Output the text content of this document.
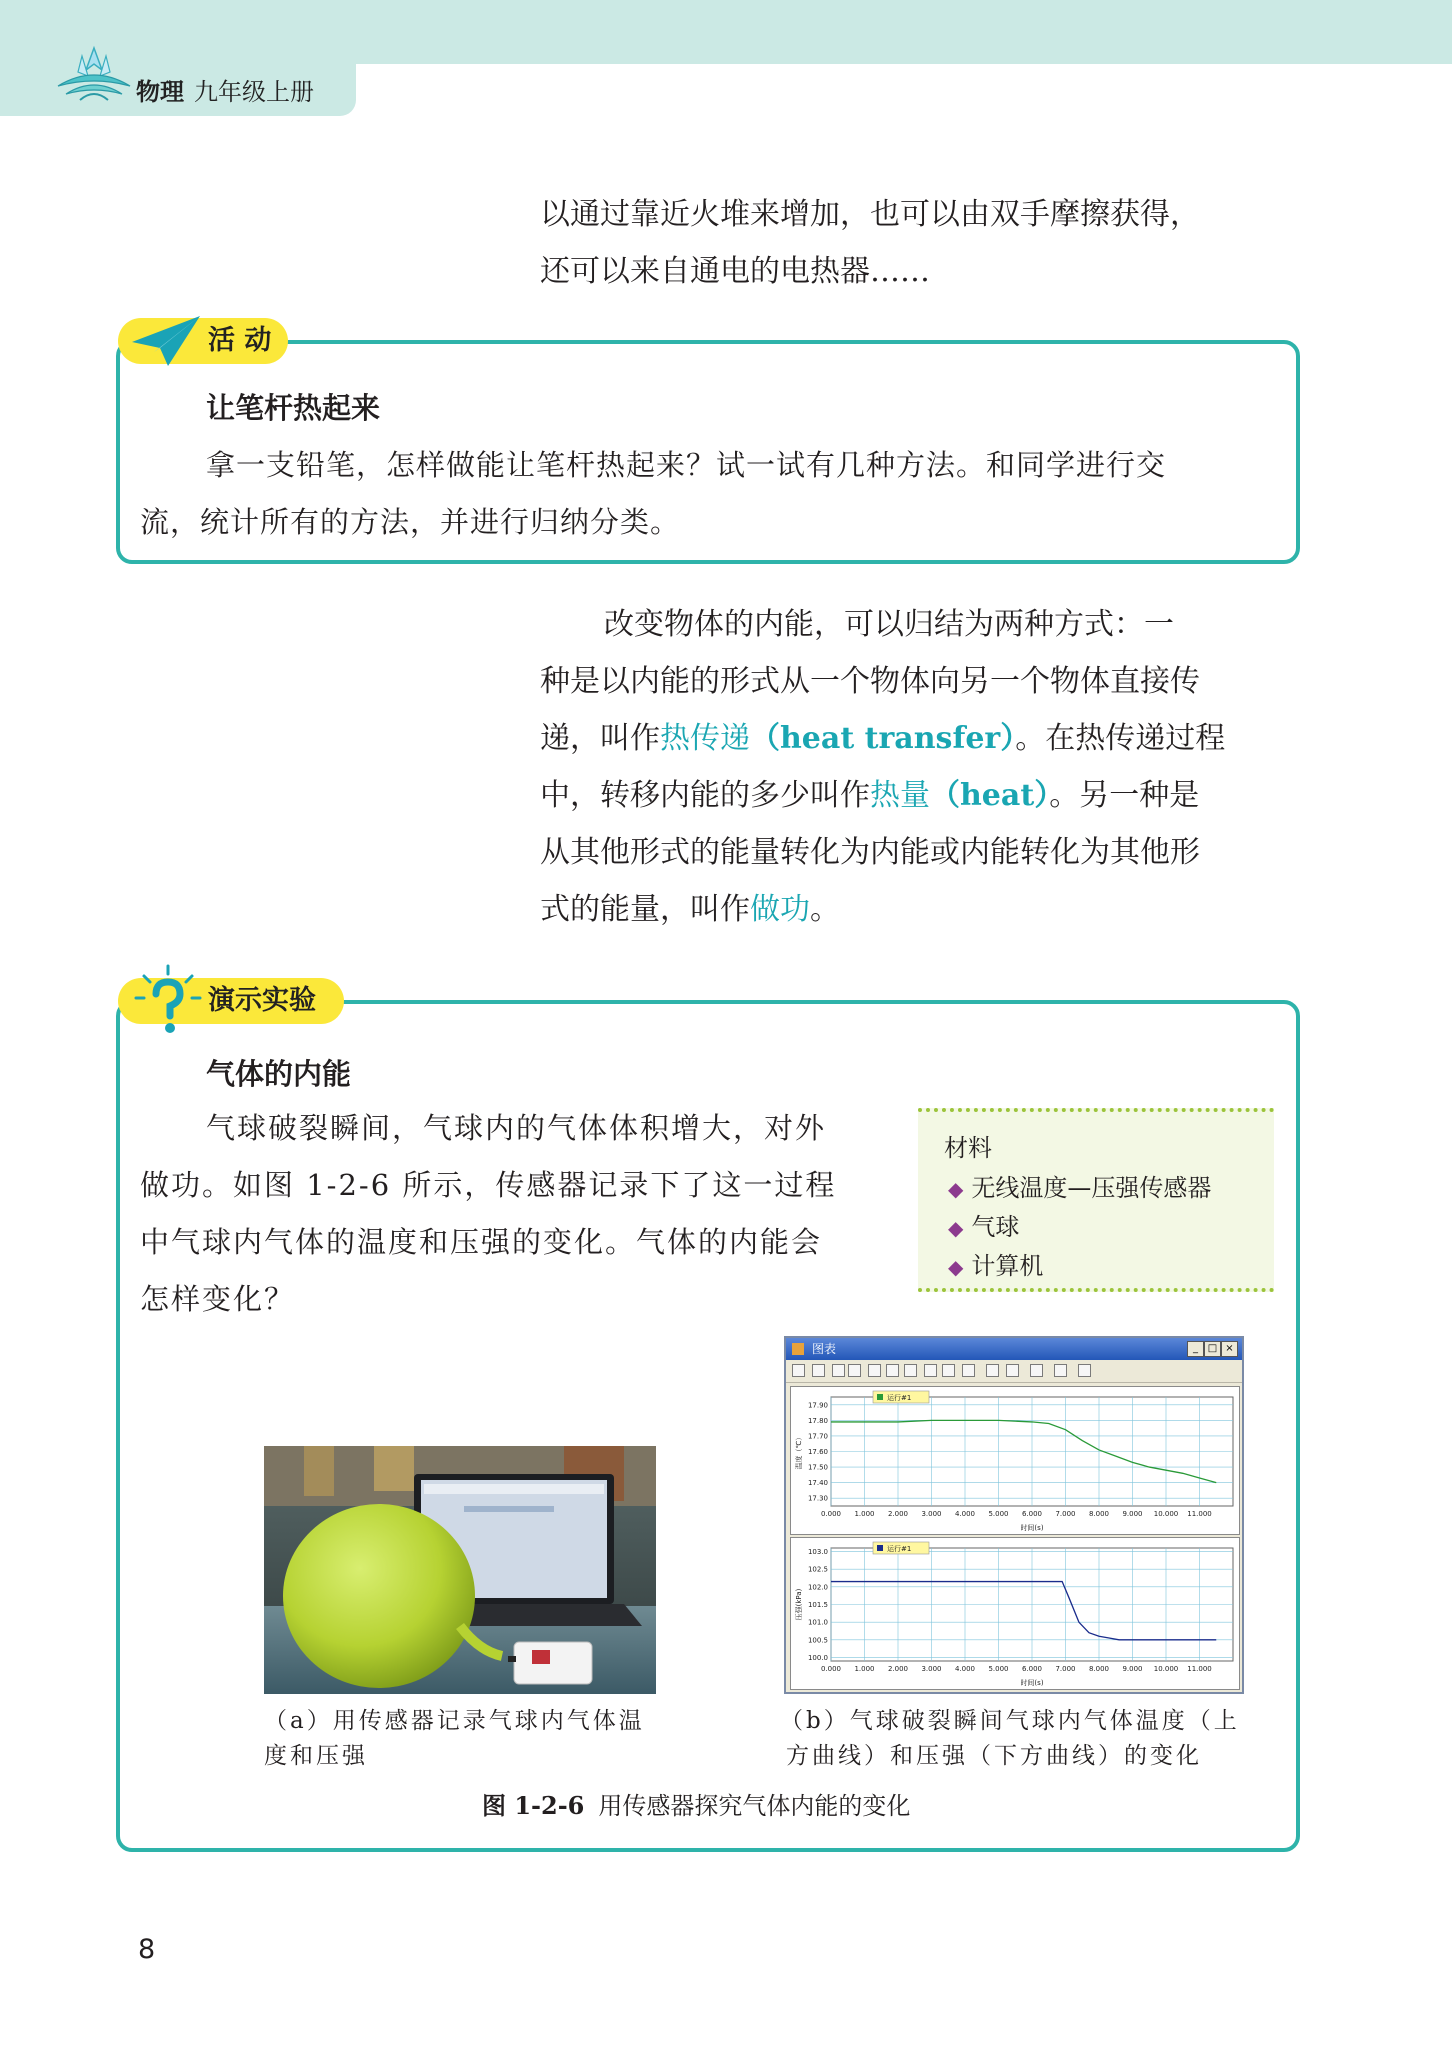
物理 九年级上册
以通过靠近火堆来增加，也可以由双手摩擦获得，
还可以来自通电的电热器……
活 动
让笔杆热起来
拿一支铅笔，怎样做能让笔杆热起来？试一试有几种方法。和同学进行交
流，统计所有的方法，并进行归纳分类。
改变物体的内能，可以归结为两种方式：一
种是以内能的形式从一个物体向另一个物体直接传
递，叫作热传递（heat transfer）。在热传递过程
中，转移内能的多少叫作热量（heat）。另一种是
从其他形式的能量转化为内能或内能转化为其他形
式的能量，叫作做功。
演示实验
气体的内能
气球破裂瞬间，气球内的气体体积增大，对外
做功。如图 1-2-6 所示，传感器记录下了这一过程
中气球内气体的温度和压强的变化。气体的内能会
怎样变化？
材料
◆ 无线温度—压强传感器
◆ 气球
◆ 计算机
图表	_ □ ×
0.000 1.000 2.000 3.000 4.000 5.000 6.000 7.000 8.000 9.000 10.000 11.000
17.90
17.80
17.70
17.60
17.50
17.40
17.30
温度（℃）
时间(s)
运行#1
0.000 1.000 2.000 3.000 4.000 5.000 6.000 7.000 8.000 9.000 10.000 11.000
103.0
102.5
102.0
101.5
101.0
100.5
100.0
压强(kPa)
时间(s)
运行#1
（a）用传感器记录气球内气体温
度和压强
（b）气球破裂瞬间气球内气体温度（上
方曲线）和压强（下方曲线）的变化
图 1-2-6 用传感器探究气体内能的变化
8
